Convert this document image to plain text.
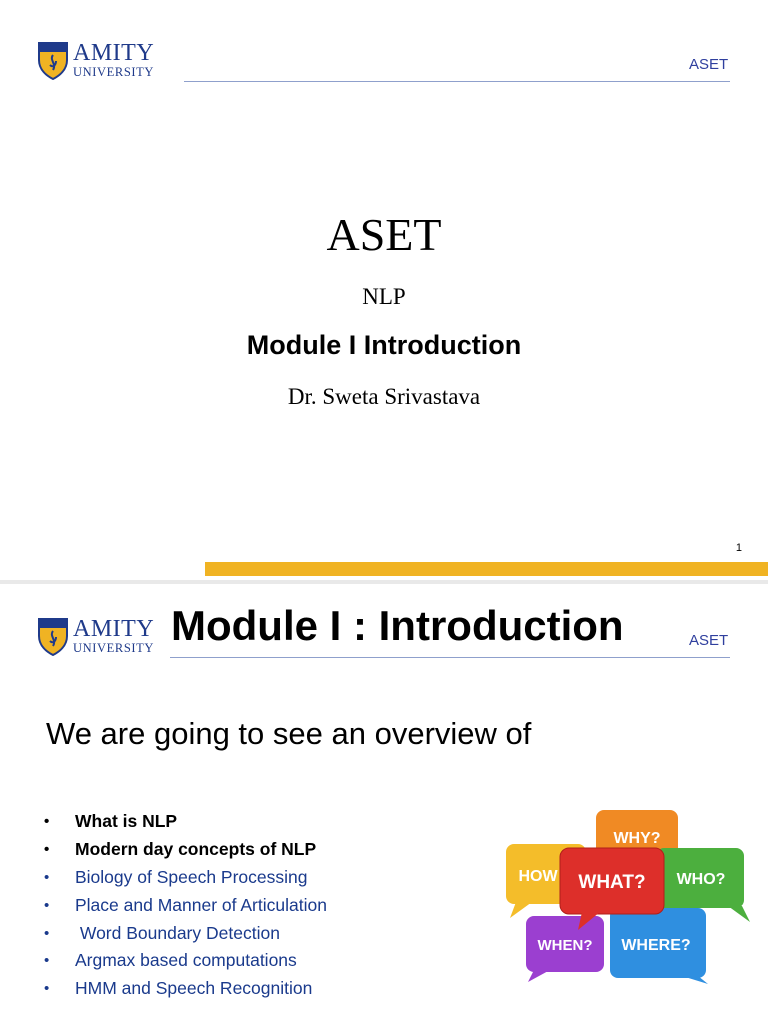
AMITY
UNIVERSITY	ASET
ASET
NLP
Module I Introduction
Dr. Sweta Srivastava
1
AMITY
UNIVERSITY Module I : Introduction	ASET
We are going to see an overview of
•	What is NLP
•	Modern day concepts of NLP
•	Biology of Speech Processing
•	Place and Manner of Articulation
•	Word Boundary Detection
•	Argmax based computations
•	HMM and Speech Recognition
WHY?
HOW	WHO?
WHEN? WHERE?
WHAT?
